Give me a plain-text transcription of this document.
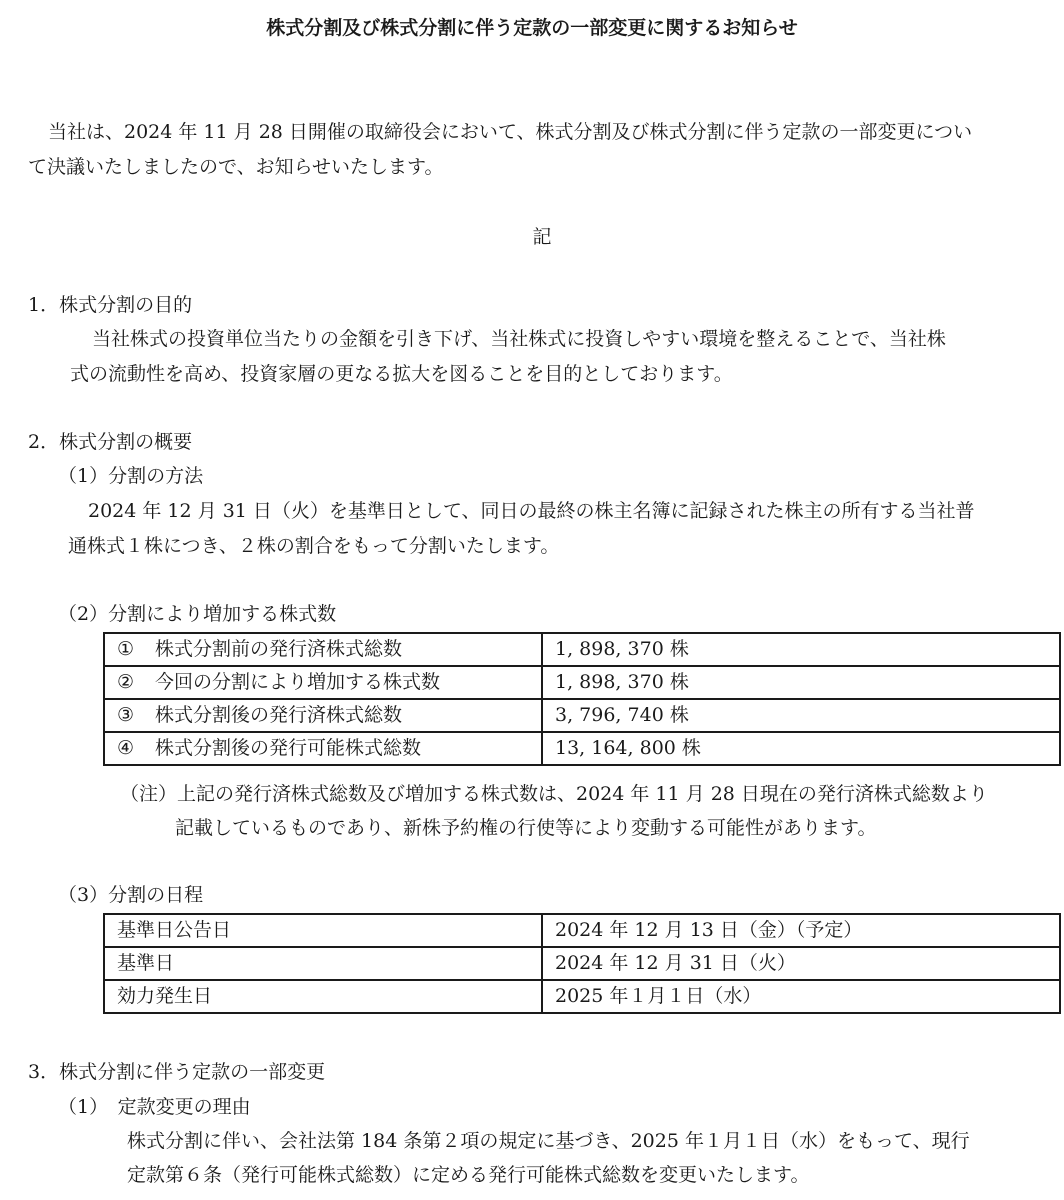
株式分割及び株式分割に伴う定款の一部変更に関するお知らせ
当社は、2024 年 11 月 28 日開催の取締役会において、株式分割及び株式分割に伴う定款の一部変更につい
て決議いたしましたので、お知らせいたします。
記
1．株式分割の目的
当社株式の投資単位当たりの金額を引き下げ、当社株式に投資しやすい環境を整えることで、当社株
式の流動性を高め、投資家層の更なる拡大を図ることを目的としております。
2．株式分割の概要
（1）分割の方法
2024 年 12 月 31 日（火）を基準日として、同日の最終の株主名簿に記録された株主の所有する当社普
通株式１株につき、２株の割合をもって分割いたします。
（2）分割により増加する株式数
① 株式分割前の発行済株式総数	1, 898, 370 株
② 今回の分割により増加する株式数	1, 898, 370 株
③ 株式分割後の発行済株式総数	3, 796, 740 株
④ 株式分割後の発行可能株式総数	13, 164, 800 株
（注）上記の発行済株式総数及び増加する株式数は、2024 年 11 月 28 日現在の発行済株式総数より
記載しているものであり、新株予約権の行使等により変動する可能性があります。
（3）分割の日程
基準日公告日	2024 年 12 月 13 日（金）（予定）
基準日	2024 年 12 月 31 日（火）
効力発生日	2025 年１月１日（水）
3．株式分割に伴う定款の一部変更
（1）　定款変更の理由
株式分割に伴い、会社法第 184 条第２項の規定に基づき、2025 年１月１日（水）をもって、現行
定款第６条（発行可能株式総数）に定める発行可能株式総数を変更いたします。
